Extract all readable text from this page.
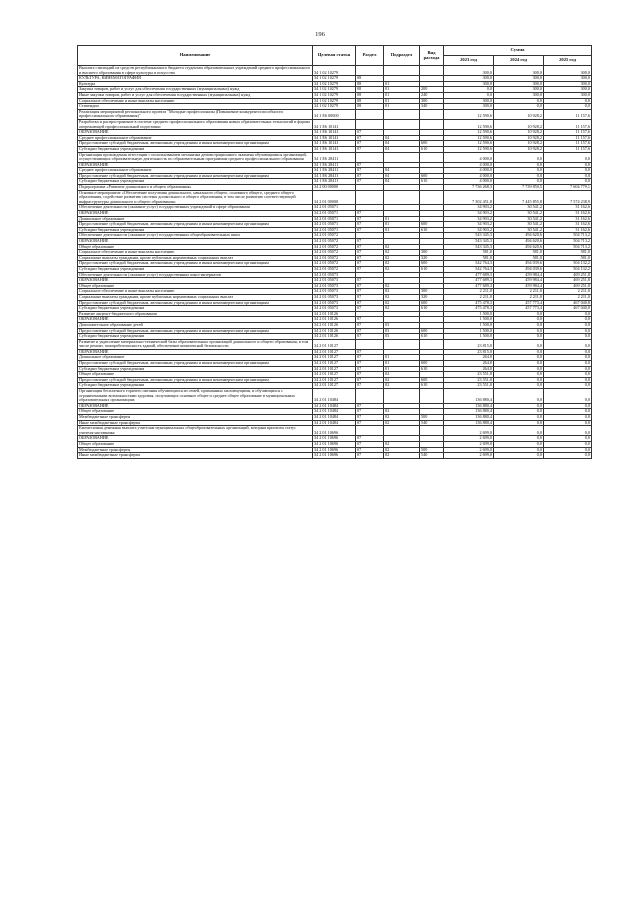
196
Наименование	Целевая статья	Раздел	Подраздел	Вид расхода	Сумма		
					2023 год	2024 год	2025 год
Выплата стипендий из средств республиканского бюджета студентам образовательных учреждений среднего профессионального и высшего образования в сфере культуры и искусства	34 1 02 10279				300,0	300,0	300,0
КУЛЬТУРА, КИНЕМАТОГРАФИЯ	34 1 02 10279	08			300,0	300,0	300,0
Культура	34 1 02 10279	08	01		300,0	300,0	300,0
Закупка товаров, работ и услуг для обеспечения государственных (муниципальных) нужд	34 1 02 10279	08	01	200	0,0	300,0	300,0
Иные закупки товаров, работ и услуг для обеспечения государственных (муниципальных) нужд	34 1 02 10279	08	01	240	0,0	300,0	300,0
Социальное обеспечение и иные выплаты населению	34 1 02 10279	08	01	300	300,0	0,0	0,0
Стипендии	34 1 02 10279	08	01	340	300,0	0,0	0,0
Реализация мероприятий регионального проекта "Молодые профессионалы (Повышение конкурентоспособности профессионального образования)"	34 1 E6 00000				12 590,6	10 928,2	11 157,6
Разработка и распространение в системе среднего профессионального образования новых образовательных технологий и формы опережающей профессиональной подготовки	34 1 E6 10141				12 590,6	10 928,2	11 157,6
ОБРАЗОВАНИЕ	34 1 E6 10141	07			12 590,6	10 928,2	11 157,6
Среднее профессиональное образование	34 1 E6 10141	07	04		12 590,6	10 928,2	11 157,6
Предоставление субсидий бюджетным, автономным учреждениям и иным некоммерческим организациям	34 1 E6 10141	07	04	600	12 590,6	10 928,2	11 157,6
Субсидии бюджетным учреждениям	34 1 E6 10141	07	04	610	12 590,6	10 928,2	11 157,6
Организация прохождения аттестации с использованием механизма демонстрационного экзамена обучающимися организаций, осуществляющих образовательную деятельность по образовательным программам среднего профессионального образования	34 1 E6 28411				4 000,0	0,0	0,0
ОБРАЗОВАНИЕ	34 1 E6 28411	07			4 000,0	0,0	0,0
Среднее профессиональное образование	34 1 E6 28411	07	04		4 000,0	0,0	0,0
Предоставление субсидий бюджетным, автономным учреждениям и иным некоммерческим организациям	34 1 E6 28411	07	04	600	4 000,0	0,0	0,0
Субсидии бюджетным учреждениям	34 1 E6 28411	07	04	610	4 000,0	0,0	0,0
Подпрограмма «Развитие дошкольного и общего образования»	34 2 00 00000				7 736 268,3	7 739 850,5	7 604 779,1
Основное мероприятие «Обеспечение получения дошкольного, начального общего, основного общего, среднего общего образования, содействие развитию системы дошкольного и общего образования, в том числе развитию соответствующей инфраструктуры дошкольного и общего образования»	34 2 01 00000				7 302 451,8	7 445 855,8	7 574 238,9
Обеспечение деятельности (оказание услуг) государственных учреждений в сфере образования	34 2 01 05071				34 903,2	30 541,2	31 162,6
ОБРАЗОВАНИЕ	34 2 01 05071	07			34 903,2	30 541,2	31 162,6
Дошкольное образование	34 2 01 05071	07	01		34 903,2	30 541,2	31 162,6
Предоставление субсидий бюджетным, автономным учреждениям и иным некоммерческим организациям	34 2 01 05071	07	01	600	34 903,2	30 541,2	31 162,6
Субсидии бюджетным учреждениям	34 2 01 05071	07	01	610	34 903,2	30 541,2	31 162,6
Обеспечение деятельности (оказание услуг) государственных общеобразовательных школ	34 2 01 05072				543 345,3	494 620,6	504 713,2
ОБРАЗОВАНИЕ	34 2 01 05072	07			543 345,3	494 620,6	504 713,2
Общее образование	34 2 01 05072	07	02		543 345,3	494 620,6	504 713,2
Социальное обеспечение и иные выплаты населению	34 2 01 05072	07	02	300	581,0	581,0	581,0
Социальные выплаты гражданам, кроме публичных нормативных социальных выплат	34 2 01 05072	07	02	320	581,0	581,0	581,0
Предоставление субсидий бюджетным, автономным учреждениям и иным некоммерческим организациям	34 2 01 05072	07	02	600	542 764,3	494 039,6	504 132,2
Субсидии бюджетным учреждениям	34 2 01 05072	07	02	610	542 764,3	494 039,6	504 132,2
Обеспечение деятельности (оказание услуг) государственных школ-интернатов	34 2 01 05073				477 689,3	459 984,4	469 251,8
ОБРАЗОВАНИЕ	34 2 01 05073	07			477 689,3	459 984,4	469 251,8
Общее образование	34 2 01 05073	07	02		477 689,3	459 984,4	469 251,8
Социальное обеспечение и иные выплаты населению	34 2 01 05073	07	02	300	2 211,0	2 211,0	2 211,0
Социальные выплаты гражданам, кроме публичных нормативных социальных выплат	34 2 01 05073	07	02	320	2 211,0	2 211,0	2 211,0
Предоставление субсидий бюджетным, автономным учреждениям и иным некоммерческим организациям	34 2 01 05073	07	02	600	475 478,3	457 773,4	467 040,8
Субсидии бюджетным учреждениям	34 2 01 05073	07	02	610	475 478,3	457 773,4	467 040,8
Развитие лицеист-бюджетного образования	34 2 01 10126				1 500,0	0,0	0,0
ОБРАЗОВАНИЕ	34 2 01 10126	07			1 500,0	0,0	0,0
Дополнительное образование детей	34 2 01 10126	07	03		1 500,0	0,0	0,0
Предоставление субсидий бюджетным, автономным учреждениям и иным некоммерческим организациям	34 2 01 10126	07	03	600	1 500,0	0,0	0,0
Субсидии бюджетным учреждениям	34 2 01 10126	07	03	610	1 500,0	0,0	0,0
Развитие и укрепление материально-технической базы образовательных организаций дошкольного и общего образования, в том числе ремонт, пожаробезопасность зданий, обеспечение комплексной безопасности	34 2 01 10127				23 815,0	0,0	0,0
ОБРАЗОВАНИЕ	34 2 01 10127	07			23 815,0	0,0	0,0
Дошкольное образование	34 2 01 10127	07	01		264,0	0,0	0,0
Предоставление субсидий бюджетным, автономным учреждениям и иным некоммерческим организациям	34 2 01 10127	07	01	600	264,0	0,0	0,0
Субсидии бюджетным учреждениям	34 2 01 10127	07	01	610	264,0	0,0	0,0
Общее образование	34 2 01 10127	07	02		23 551,0	0,0	0,0
Предоставление субсидий бюджетным, автономным учреждениям и иным некоммерческим организациям	34 2 01 10127	07	02	600	23 551,0	0,0	0,0
Субсидии бюджетным учреждениям	34 2 01 10127	07	02	610	23 551,0	0,0	0,0
Организация бесплатного горячего питания обучающихся из семей, признанных малоимущими, и обучающихся с ограниченными возможностями здоровья, получающих основное общее и среднее общее образование в муниципальных образовательных организациях	34 2 01 10484				136 880,4	0,0	0,0
ОБРАЗОВАНИЕ	34 2 01 10484	07			136 880,4	0,0	0,0
Общее образование	34 2 01 10484	07	02		136 880,4	0,0	0,0
Межбюджетные трансферты	34 2 01 10484	07	02	500	136 880,4	0,0	0,0
Иные межбюджетные трансферты	34 2 01 10484	07	02	540	136 880,4	0,0	0,0
Ежемесячная денежная выплата учителям муниципальных общеобразовательных организаций, которым присвоен статус учителя-наставника	34 2 01 10696				2 699,0	0,0	0,0
ОБРАЗОВАНИЕ	34 2 01 10696	07			2 699,0	0,0	0,0
Общее образование	34 2 01 10696	07	02		2 699,0	0,0	0,0
Межбюджетные трансферты	34 2 01 10696	07	02	500	2 699,0	0,0	0,0
Иные межбюджетные трансферты	34 2 01 10696	07	02	540	2 699,0	0,0	0,0
